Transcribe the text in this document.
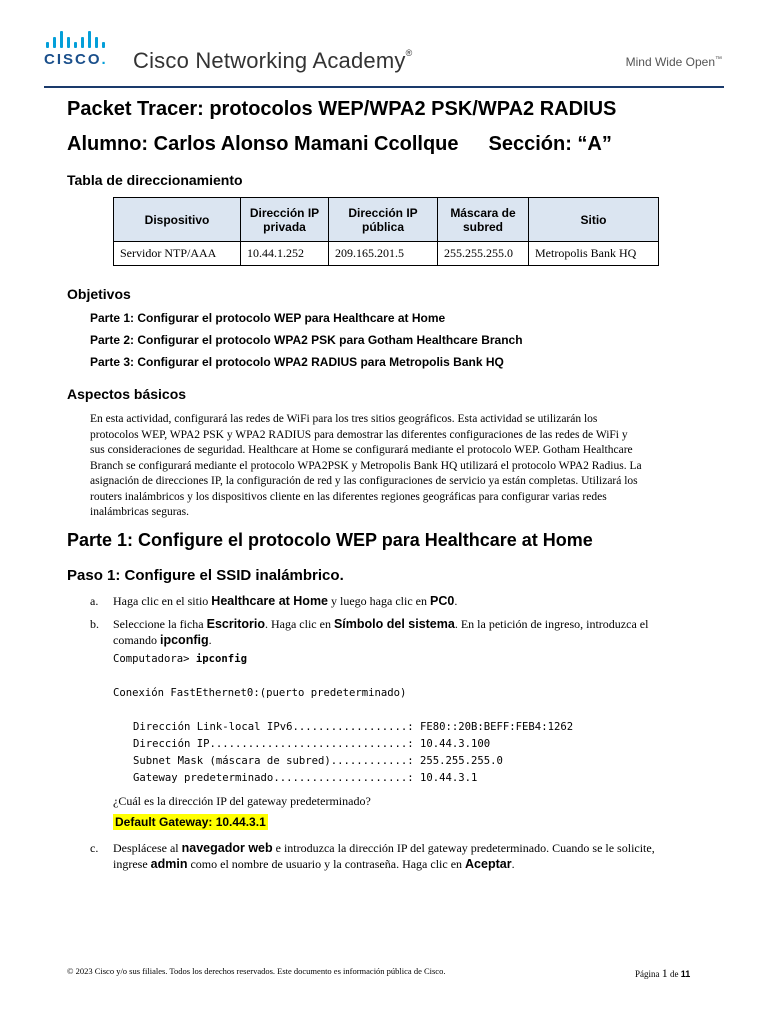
CISCO. Cisco Networking Academy®
Mind Wide Open™
Packet Tracer: protocolos WEP/WPA2 PSK/WPA2 RADIUS
Alumno: Carlos Alonso Mamani Ccollque Sección: “A”
Tabla de direccionamiento
Dispositivo	Dirección IP privada	Dirección IP pública	Máscara de subred	Sitio
Servidor NTP/AAA	10.44.1.252	209.165.201.5	255.255.255.0	Metropolis Bank HQ
Objetivos
Parte 1: Configurar el protocolo WEP para Healthcare at Home
Parte 2: Configurar el protocolo WPA2 PSK para Gotham Healthcare Branch
Parte 3: Configurar el protocolo WPA2 RADIUS para Metropolis Bank HQ
Aspectos básicos
En esta actividad, configurará las redes de WiFi para los tres sitios geográficos. Esta actividad se utilizarán los
protocolos WEP, WPA2 PSK y WPA2 RADIUS para demostrar las diferentes configuraciones de las redes de WiFi y
sus consideraciones de seguridad. Healthcare at Home se configurará mediante el protocolo WEP. Gotham Healthcare
Branch se configurará mediante el protocolo WPA2PSK y Metropolis Bank HQ utilizará el protocolo WPA2 Radius. La
asignación de direcciones IP, la configuración de red y las configuraciones de servicio ya están completas. Utilizará los
routers inalámbricos y los dispositivos cliente en las diferentes regiones geográficas para configurar varias redes
inalámbricas seguras.
Parte 1: Configure el protocolo WEP para Healthcare at Home
Paso 1: Configure el SSID inalámbrico.
a. Haga clic en el sitio Healthcare at Home y luego haga clic en PC0.
b. Seleccione la ficha Escritorio. Haga clic en Símbolo del sistema. En la petición de ingreso, introduzca el
comando ipconfig.
Computadora> ipconfig
Conexión FastEthernet0:(puerto predeterminado)
Dirección Link-local IPv6..................: FE80::20B:BEFF:FEB4:1262
Dirección IP...............................: 10.44.3.100
Subnet Mask (máscara de subred)............: 255.255.255.0
Gateway predeterminado.....................: 10.44.3.1
¿Cuál es la dirección IP del gateway predeterminado?
Default Gateway: 10.44.3.1
c. Desplácese al navegador web e introduzca la dirección IP del gateway predeterminado. Cuando se le solicite,
ingrese admin como el nombre de usuario y la contraseña. Haga clic en Aceptar.
© 2023 Cisco y/o sus filiales. Todos los derechos reservados. Este documento es información pública de Cisco.	Página 1 de 11
